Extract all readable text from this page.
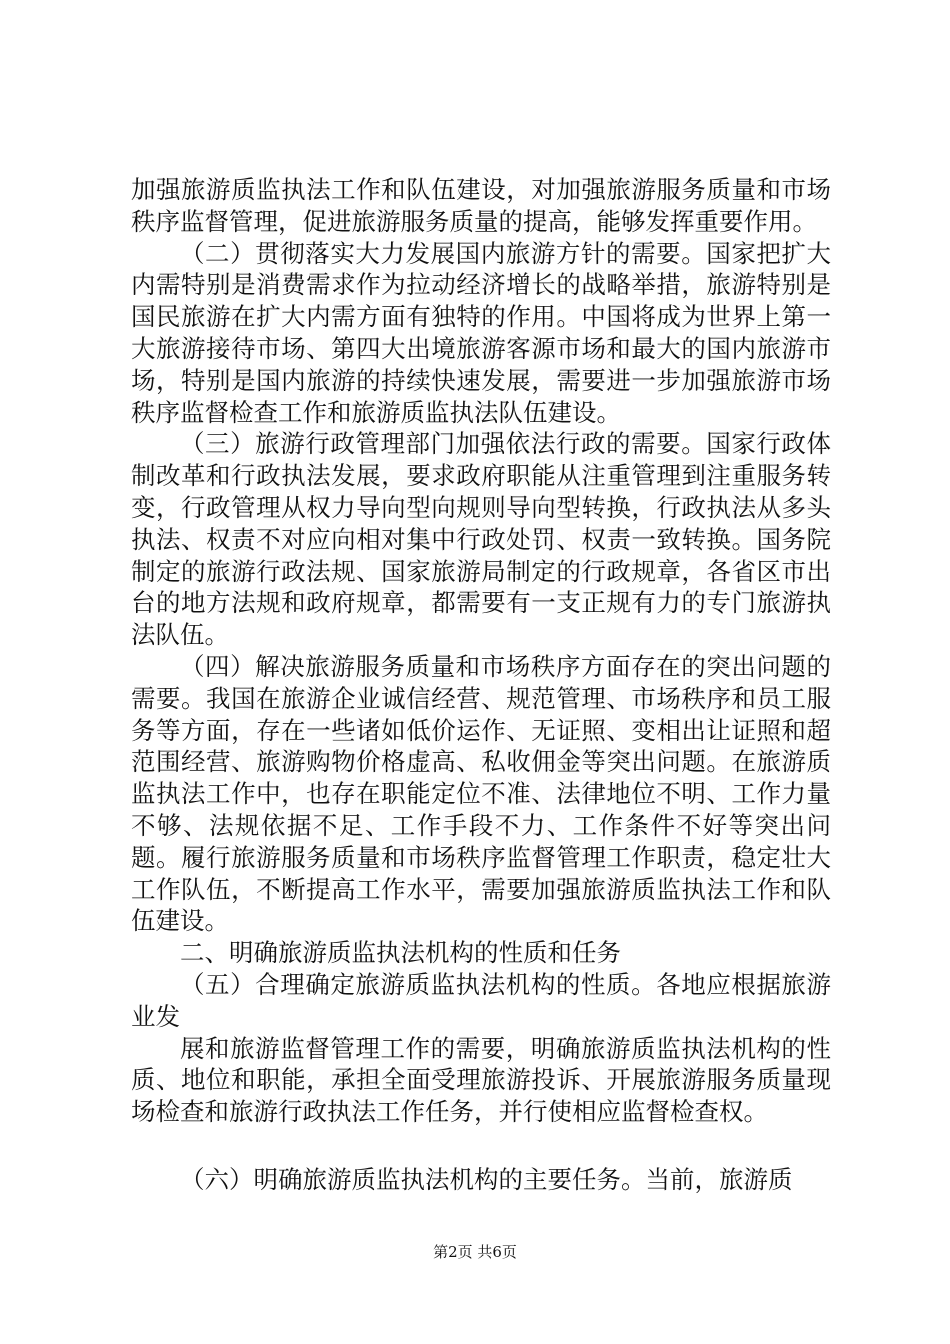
加强旅游质监执法工作和队伍建设，对加强旅游服务质量和市场秩序监督管理，促进旅游服务质量的提高，能够发挥重要作用。

（二）贯彻落实大力发展国内旅游方针的需要。国家把扩大内需特别是消费需求作为拉动经济增长的战略举措，旅游特别是国民旅游在扩大内需方面有独特的作用。中国将成为世界上第一大旅游接待市场、第四大出境旅游客源市场和最大的国内旅游市场，特别是国内旅游的持续快速发展，需要进一步加强旅游市场秩序监督检查工作和旅游质监执法队伍建设。

（三）旅游行政管理部门加强依法行政的需要。国家行政体制改革和行政执法发展，要求政府职能从注重管理到注重服务转变，行政管理从权力导向型向规则导向型转换，行政执法从多头执法、权责不对应向相对集中行政处罚、权责一致转换。国务院制定的旅游行政法规、国家旅游局制定的行政规章，各省区市出台的地方法规和政府规章，都需要有一支正规有力的专门旅游执法队伍。

（四）解决旅游服务质量和市场秩序方面存在的突出问题的需要。我国在旅游企业诚信经营、规范管理、市场秩序和员工服务等方面，存在一些诸如低价运作、无证照、变相出让证照和超范围经营、旅游购物价格虚高、私收佣金等突出问题。在旅游质监执法工作中，也存在职能定位不准、法律地位不明、工作力量不够、法规依据不足、工作手段不力、工作条件不好等突出问题。履行旅游服务质量和市场秩序监督管理工作职责，稳定壮大工作队伍，不断提高工作水平，需要加强旅游质监执法工作和队伍建设。

二、明确旅游质监执法机构的性质和任务

（五）合理确定旅游质监执法机构的性质。各地应根据旅游业发

展和旅游监督管理工作的需要，明确旅游质监执法机构的性质、地位和职能，承担全面受理旅游投诉、开展旅游服务质量现场检查和旅游行政执法工作任务，并行使相应监督检查权。

（六）明确旅游质监执法机构的主要任务。当前，旅游质

第2页 共6页
